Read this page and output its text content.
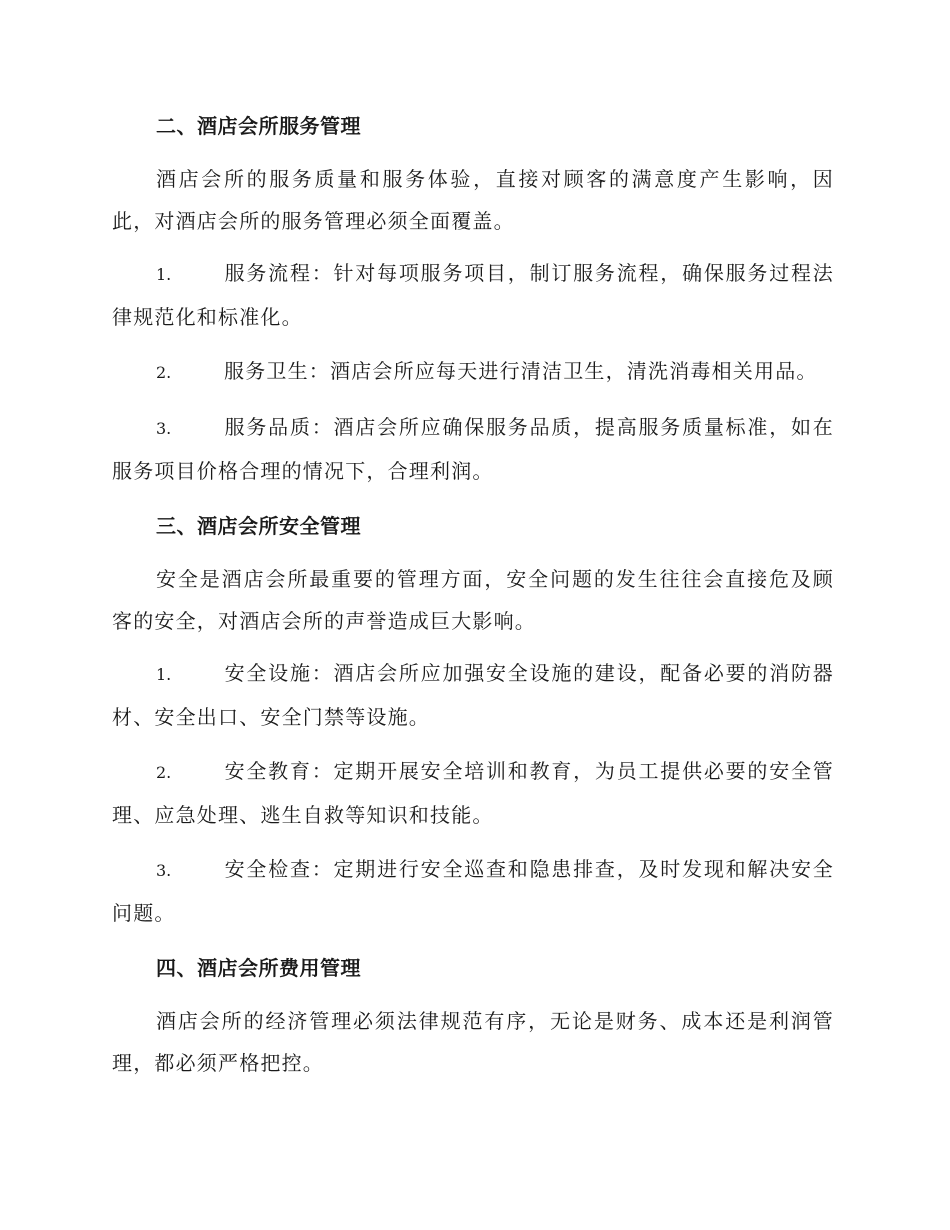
二、酒店会所服务管理

酒店会所的服务质量和服务体验，直接对顾客的满意度产生影响，因此，对酒店会所的服务管理必须全面覆盖。

1.	服务流程：针对每项服务项目，制订服务流程，确保服务过程法律规范化和标准化。

2.	服务卫生：酒店会所应每天进行清洁卫生，清洗消毒相关用品。

3.	服务品质：酒店会所应确保服务品质，提高服务质量标准，如在服务项目价格合理的情况下，合理利润。

三、酒店会所安全管理

安全是酒店会所最重要的管理方面，安全问题的发生往往会直接危及顾客的安全，对酒店会所的声誉造成巨大影响。

1.	安全设施：酒店会所应加强安全设施的建设，配备必要的消防器材、安全出口、安全门禁等设施。

2.	安全教育：定期开展安全培训和教育，为员工提供必要的安全管理、应急处理、逃生自救等知识和技能。

3.	安全检查：定期进行安全巡查和隐患排查，及时发现和解决安全问题。

四、酒店会所费用管理

酒店会所的经济管理必须法律规范有序，无论是财务、成本还是利润管理，都必须严格把控。
